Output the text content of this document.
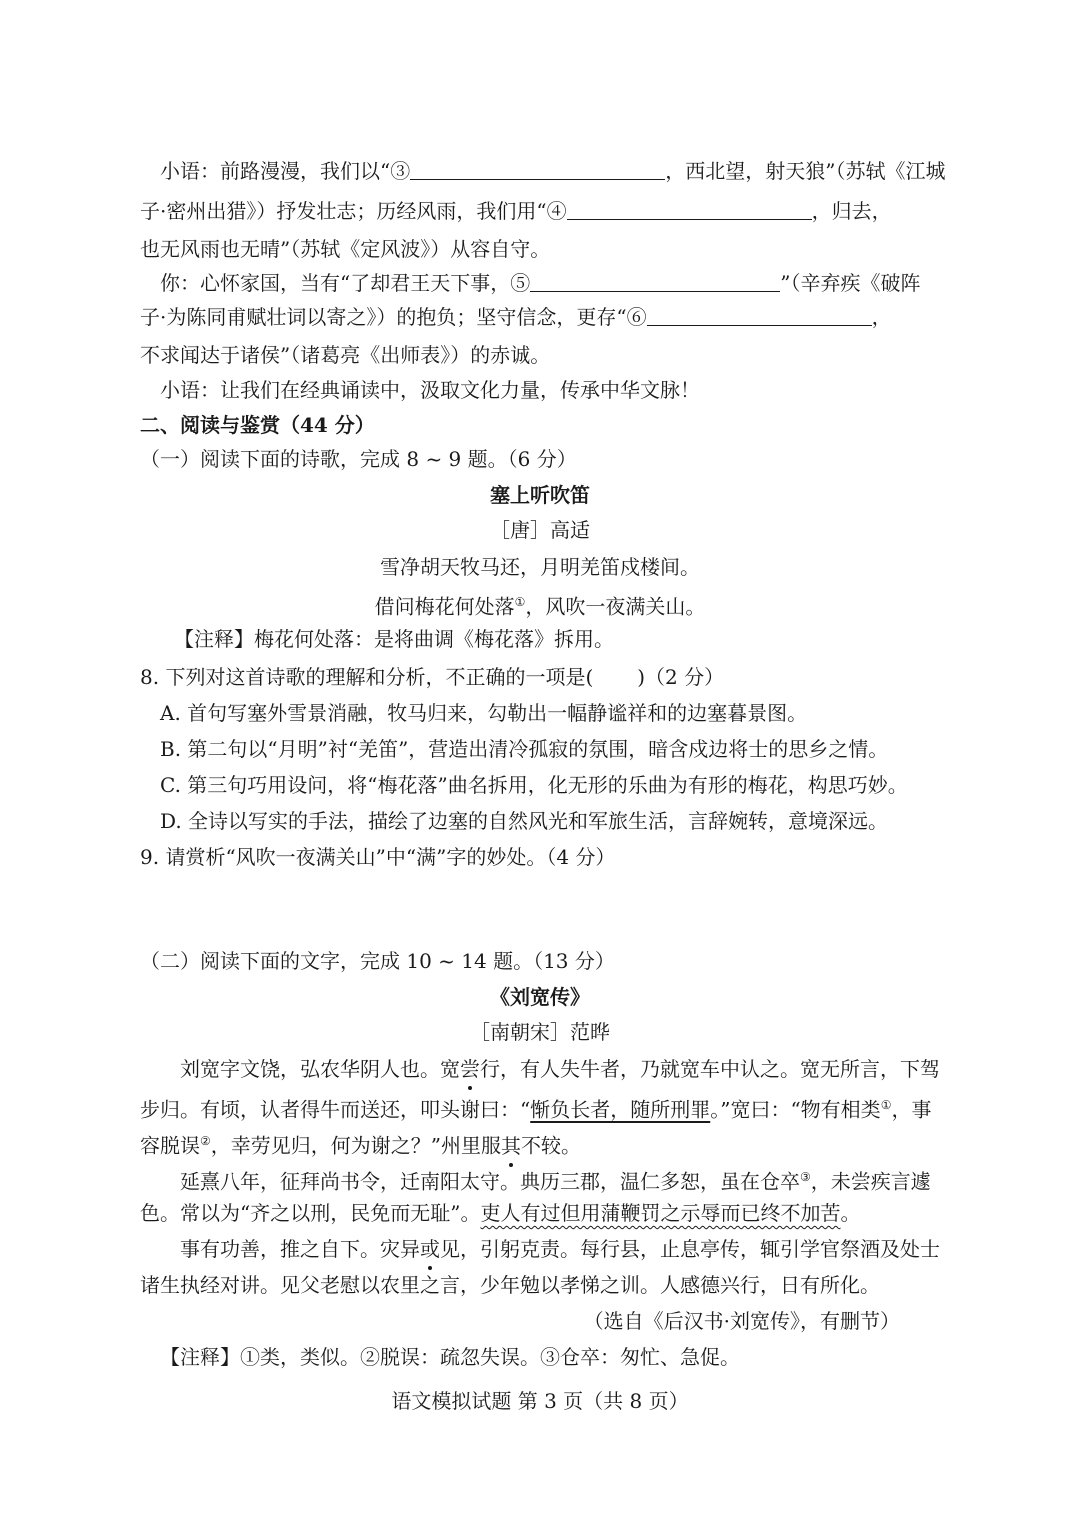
小语：前路漫漫，我们以“③	，西北望，射天狼”（苏轼《江城
子·密州出猎》）抒发壮志；历经风雨，我们用“④	，归去，
也无风雨也无晴”（苏轼《定风波》）从容自守。
你：心怀家国，当有“了却君王天下事，⑤	”（辛弃疾《破阵
子·为陈同甫赋壮词以寄之》）的抱负；坚守信念，更存“⑥	，
不求闻达于诸侯”（诸葛亮《出师表》）的赤诚。
小语：让我们在经典诵读中，汲取文化力量，传承中华文脉！
二、阅读与鉴赏（44 分）
（一）阅读下面的诗歌，完成 8 ~ 9 题。（6 分）
塞上听吹笛
［唐］高适
雪净胡天牧马还，月明羌笛戍楼间。
借问梅花何处落①，风吹一夜满关山。
【注释】梅花何处落：是将曲调《梅花落》拆用。
8. 下列对这首诗歌的理解和分析，不正确的一项是( )（2 分）
A. 首句写塞外雪景消融，牧马归来，勾勒出一幅静谧祥和的边塞暮景图。
B. 第二句以“月明”衬“羌笛”，营造出清冷孤寂的氛围，暗含戍边将士的思乡之情。
C. 第三句巧用设问，将“梅花落”曲名拆用，化无形的乐曲为有形的梅花，构思巧妙。
D. 全诗以写实的手法，描绘了边塞的自然风光和军旅生活，言辞婉转，意境深远。
9. 请赏析“风吹一夜满关山”中“满”字的妙处。（4 分）
（二）阅读下面的文字，完成 10 ~ 14 题。（13 分）
《刘宽传》
［南朝宋］范晔
刘宽字文饶，弘农华阴人也。宽尝行，有人失牛者，乃就宽车中认之。宽无所言，下驾
步归。有顷，认者得牛而送还，叩头谢曰：“惭负长者，随所刑罪。”宽曰：“物有相类①，事
容脱误②，幸劳见归，何为谢之？”州里服其不较。
延熹八年，征拜尚书令，迁南阳太守。典历三郡，温仁多恕，虽在仓卒③，未尝疾言遽
色。常以为“齐之以刑，民免而无耻”。吏人有过但用蒲鞭罚之示辱而已终不加苦。
事有功善，推之自下。灾异或见，引躬克责。每行县，止息亭传，辄引学官祭酒及处士
诸生执经对讲。见父老慰以农里之言，少年勉以孝悌之训。人感德兴行，日有所化。
（选自《后汉书·刘宽传》，有删节）
【注释】①类，类似。②脱误：疏忽失误。③仓卒：匆忙、急促。
语文模拟试题 第 3 页（共 8 页）
